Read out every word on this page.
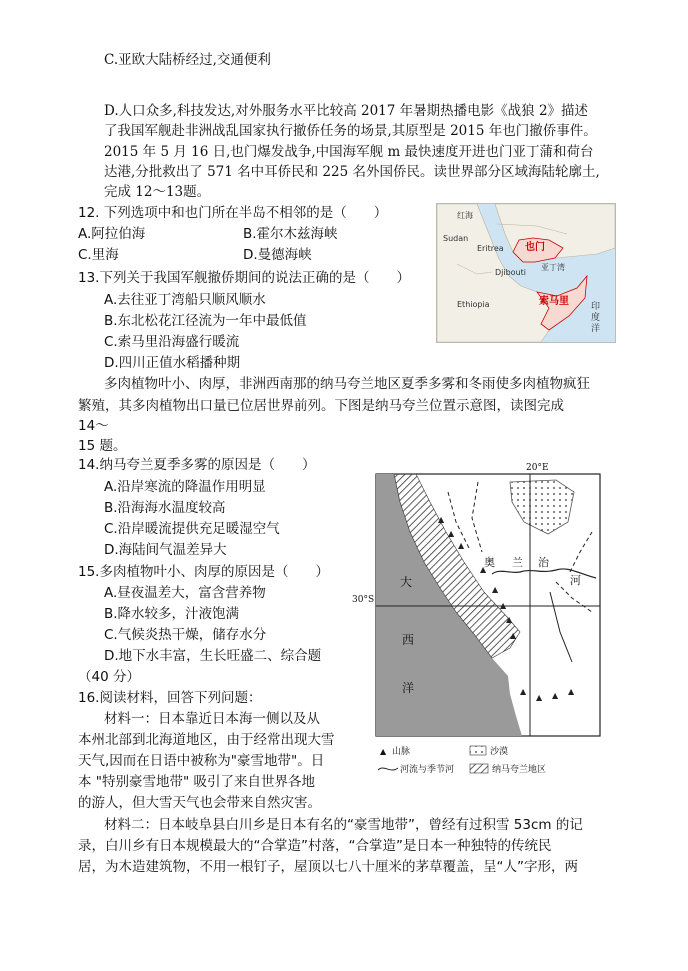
C.亚欧大陆桥经过,交通便利
D.人口众多,科技发达,对外服务水平比较高 2017 年暑期热播电影《战狼 2》描述
了我国军舰赴非洲战乱国家执行撤侨任务的场景,其原型是 2015 年也门撤侨事件。
2015 年 5 月 16 日,也门爆发战争,中国海军舰 m 最快速度开进也门亚丁蒲和荷台
达港,分批救出了 571 名中耳侨民和 225 名外国侨民。读世界部分区域海陆轮廓土,
完成 12～13题。
12. 下列选项中和也门所在半岛不相邻的是（　　）
A.阿拉伯海	B.霍尔木兹海峡
C.里海	D.曼德海峡
13.下列关于我国军舰撤侨期间的说法正确的是（　　）
A.去往亚丁湾船只顺风顺水
B.东北松花江径流为一年中最低值
C.索马里沿海盛行暖流
D.四川正值水稻播种期
红海
Sudan
Eritrea 也门
Djibouti
亚丁湾
Ethiopia	索马里 印度洋
多肉植物叶小、肉厚，非洲西南那的纳马夸兰地区夏季多雾和冬雨使多肉植物疯狂
繁殖，其多肉植物出口量已位居世界前列。下图是纳马夸兰位置示意图，读图完成
14～
15 题。
14.纳马夸兰夏季多雾的原因是（　　）
A.沿岸寒流的降温作用明显
B.沿海海水温度较高
C.沿岸暖流提供充足暖湿空气
D.海陆间气温差异大
15.多肉植物叶小、肉厚的原因是（　　）
A.昼夜温差大，富含营养物
B.降水较多，汁液饱满
C.气候炎热干燥，储存水分
D.地下水丰富，生长旺盛二、综合题
（40 分）
16.阅读材料，回答下列问题：
材料一：日本靠近日本海一侧以及从
本州北部到北海道地区，由于经常出现大雪
天气,因而在日语中被称为"豪雪地带"。日
本 "特别豪雪地带" 吸引了来自世界各地
的游人，但大雪天气也会带来自然灾害。
材料二：日本岐阜县白川乡是日本有名的“豪雪地带”，曾经有过积雪 53cm 的记
录，白川乡有日本规模最大的“合掌造”村落，“合掌造”是日本一种独特的传统民
居，为木造建筑物，不用一根钉子，屋顶以七八十厘米的茅草覆盖，呈“人”字形，两
▲
▲
▲
▲
▲
▲
▲
▲
▲
▲ ▲ ▲
20°E
30°S
大
西
洋
奥 兰 治
河
▲ 山脉	沙漠
河流与季节河	纳马夸兰地区
